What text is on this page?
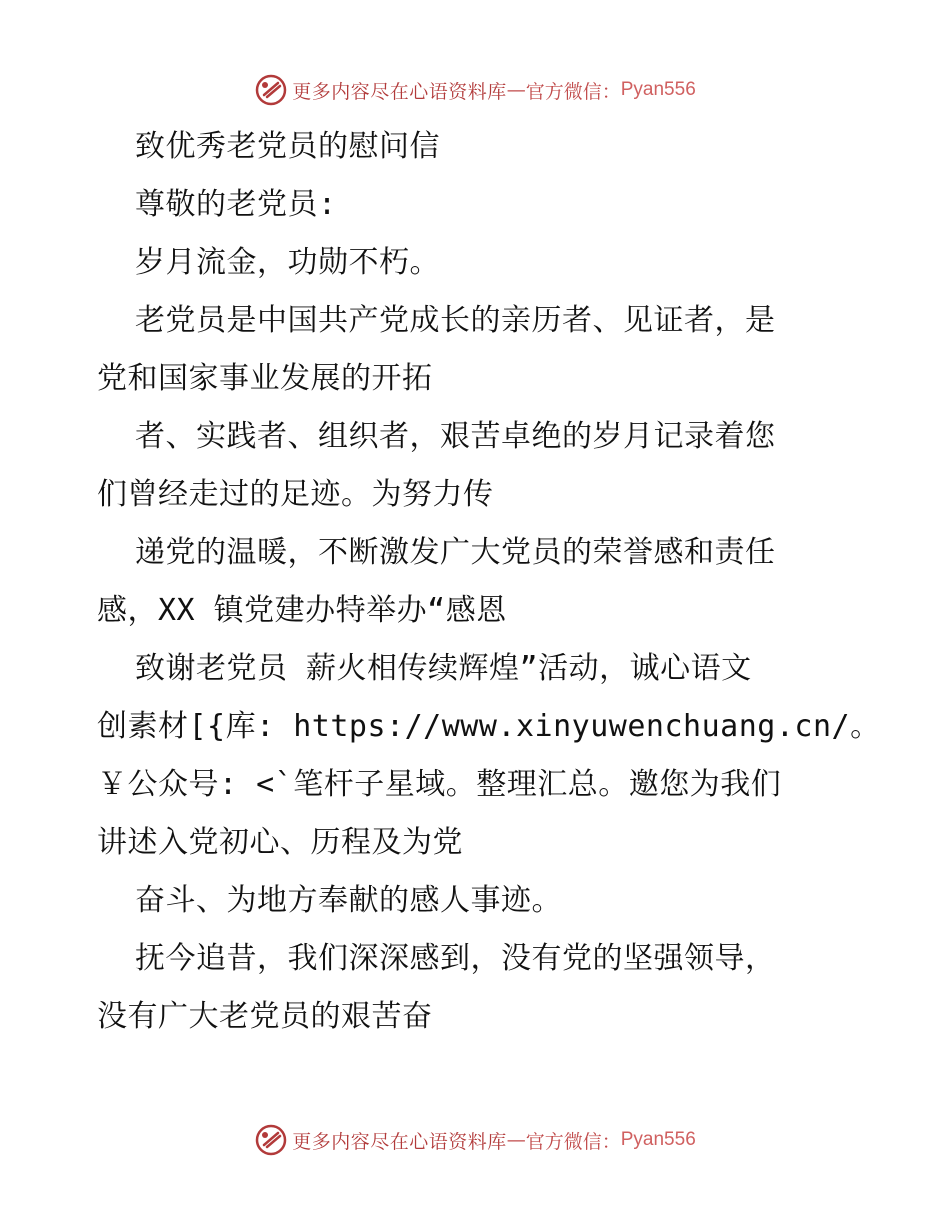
更多内容尽在心语资料库 — 官方微信： Pyan556
致优秀老党员的慰问信
尊敬的老党员:
岁月流金，功勋不朽。
老党员是中国共产党成长的亲历者、见证者，是
党和国家事业发展的开拓
者、实践者、组织者，艰苦卓绝的岁月记录着您
们曾经走过的足迹。为努力传
递党的温暖，不断激发广大党员的荣誉感和责任
感，XX 镇党建办特举办“感恩
致谢老党员 薪火相传续辉煌”活动，诚心语文
创素材[{库: https://www.xinyuwenchuang.cn/。
￥公众号: <`笔杆子星域。整理汇总。邀您为我们
讲述入党初心、历程及为党
奋斗、为地方奉献的感人事迹。
抚今追昔，我们深深感到，没有党的坚强领导，
没有广大老党员的艰苦奋
更多内容尽在心语资料库 — 官方微信： Pyan556
